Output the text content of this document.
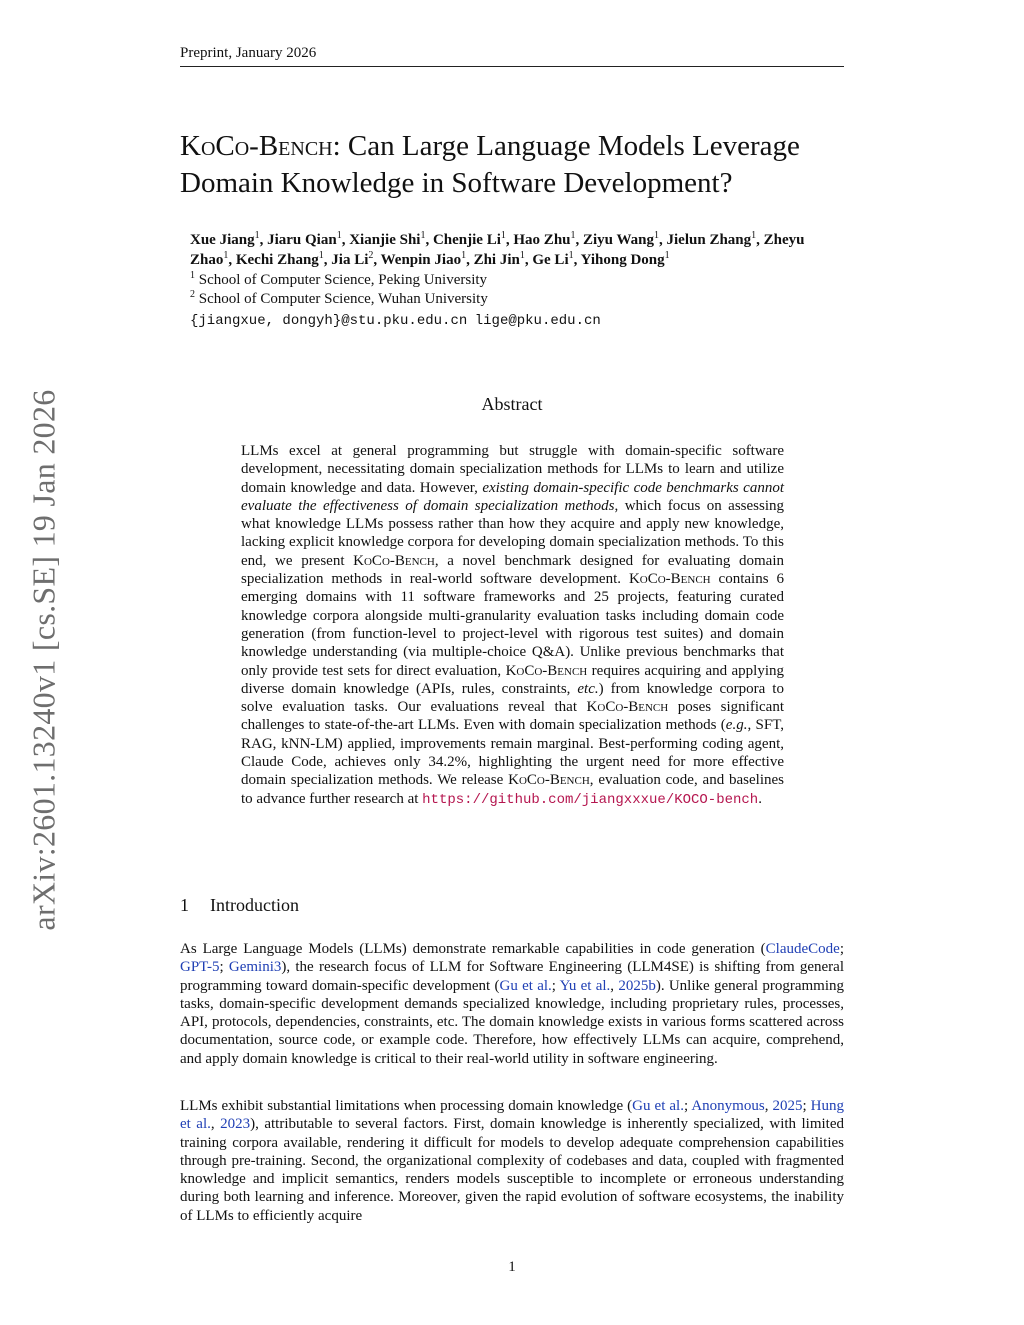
Preprint, January 2026
arXiv:2601.13240v1 [cs.SE] 19 Jan 2026
KoCo-Bench: Can Large Language Models Leverage Domain Knowledge in Software Development?
Xue Jiang$^1$, Jiaru Qian$^1$, Xianjie Shi$^1$, Chenjie Li$^1$, Hao Zhu$^1$, Ziyu Wang$^1$, Jielun Zhang$^1$, Zheyu Zhao$^1$, Kechi Zhang$^1$, Jia Li$^2$, Wenpin Jiao$^1$, Zhi Jin$^1$, Ge Li$^1$, Yihong Dong$^1$
$^1$ School of Computer Science, Peking University
$^2$ School of Computer Science, Wuhan University
{jiangxue, dongyh}@stu.pku.edu.cn lige@pku.edu.cn
Abstract
LLMs excel at general programming but struggle with domain-specific software development, necessitating domain specialization methods for LLMs to learn and utilize domain knowledge and data. However, existing domain-specific code benchmarks cannot evaluate the effectiveness of domain specialization methods, which focus on assessing what knowledge LLMs possess rather than how they acquire and apply new knowledge, lacking explicit knowledge corpora for developing domain specialization methods. To this end, we present KoCo-Bench, a novel benchmark designed for evaluating domain specialization methods in real-world software development. KoCo-Bench contains 6 emerging domains with 11 software frameworks and 25 projects, featuring curated knowledge corpora alongside multi-granularity evaluation tasks including domain code generation (from function-level to project-level with rigorous test suites) and domain knowledge understanding (via multiple-choice Q&A). Unlike previous benchmarks that only provide test sets for direct evaluation, KoCo-Bench requires acquiring and applying diverse domain knowledge (APIs, rules, constraints, etc.) from knowledge corpora to solve evaluation tasks. Our evaluations reveal that KoCo-Bench poses significant challenges to state-of-the-art LLMs. Even with domain specialization methods (e.g., SFT, RAG, kNN-LM) applied, improvements remain marginal. Best-performing coding agent, Claude Code, achieves only 34.2%, highlighting the urgent need for more effective domain specialization methods. We release KoCo-Bench, evaluation code, and baselines to advance further research at https://github.com/jiangxxxue/KOCO-bench.
1 Introduction

As Large Language Models (LLMs) demonstrate remarkable capabilities in code generation (ClaudeCode; GPT-5; Gemini3), the research focus of LLM for Software Engineering (LLM4SE) is shifting from general programming toward domain-specific development (Gu et al.; Yu et al., 2025b). Unlike general programming tasks, domain-specific development demands specialized knowledge, including proprietary rules, processes, API, protocols, dependencies, constraints, etc. The domain knowledge exists in various forms scattered across documentation, source code, or example code. Therefore, how effectively LLMs can acquire, comprehend, and apply domain knowledge is critical to their real-world utility in software engineering.

LLMs exhibit substantial limitations when processing domain knowledge (Gu et al.; Anonymous, 2025; Hung et al., 2023), attributable to several factors. First, domain knowledge is inherently specialized, with limited training corpora available, rendering it difficult for models to develop adequate comprehension capabilities through pre-training. Second, the organizational complexity of codebases and data, coupled with fragmented knowledge and implicit semantics, renders models susceptible to incomplete or erroneous understanding during both learning and inference. Moreover, given the rapid evolution of software ecosystems, the inability of LLMs to efficiently acquire

1
